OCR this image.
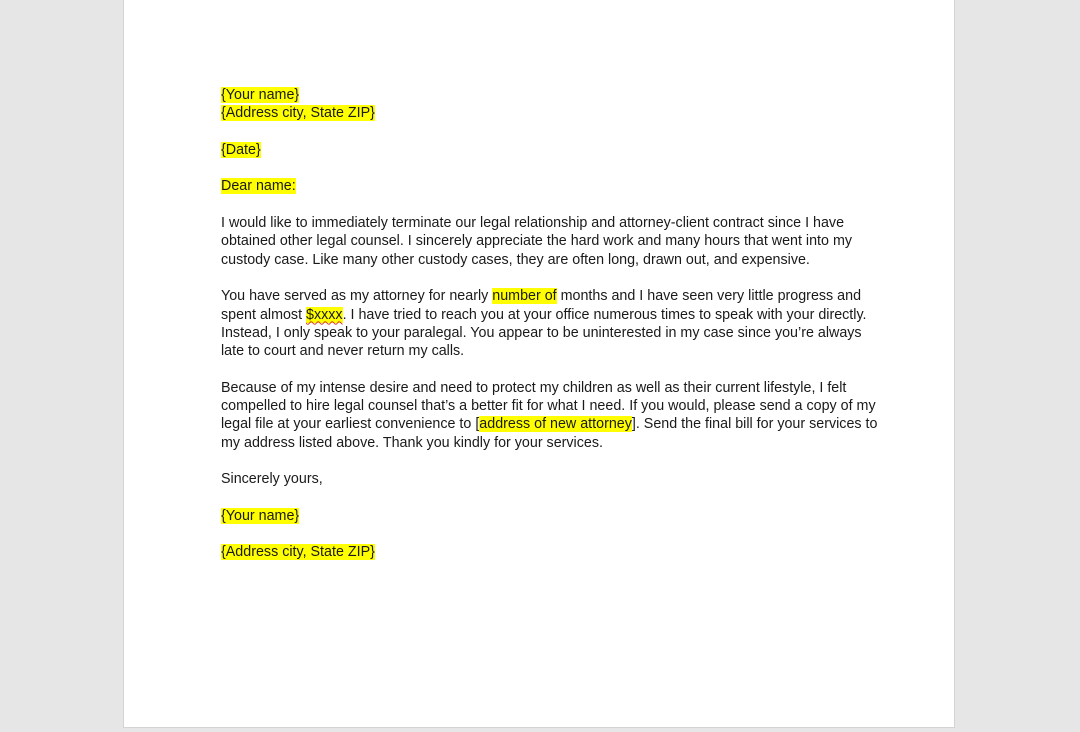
{Your name}
{Address city, State ZIP}
{Date}
Dear name:
I would like to immediately terminate our legal relationship and attorney-client contract since I have
obtained other legal counsel. I sincerely appreciate the hard work and many hours that went into my
custody case. Like many other custody cases, they are often long, drawn out, and expensive.
You have served as my attorney for nearly number of months and I have seen very little progress and
spent almost $xxxx. I have tried to reach you at your office numerous times to speak with your directly.
Instead, I only speak to your paralegal. You appear to be uninterested in my case since you’re always
late to court and never return my calls.
Because of my intense desire and need to protect my children as well as their current lifestyle, I felt
compelled to hire legal counsel that’s a better fit for what I need. If you would, please send a copy of my
legal file at your earliest convenience to [address of new attorney]. Send the final bill for your services to
my address listed above. Thank you kindly for your services.
Sincerely yours,
{Your name}
{Address city, State ZIP}
